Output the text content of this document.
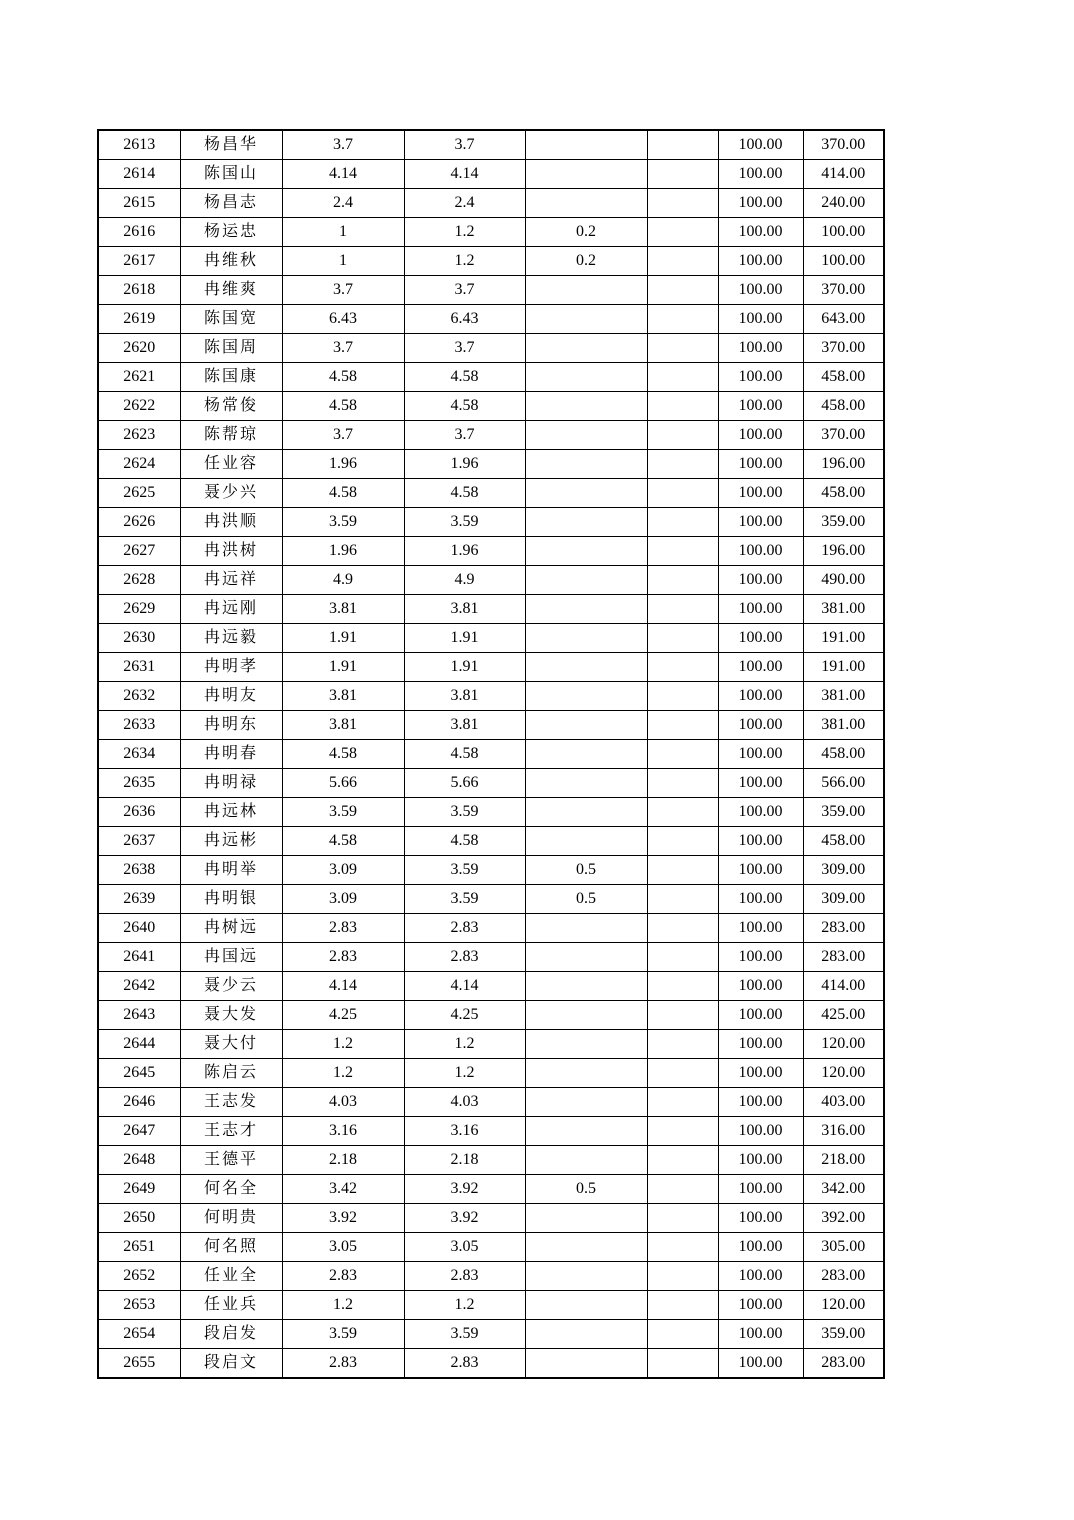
2613	杨昌华	3.7	3.7			100.00	370.00
2614	陈国山	4.14	4.14			100.00	414.00
2615	杨昌志	2.4	2.4			100.00	240.00
2616	杨运忠	1	1.2	0.2		100.00	100.00
2617	冉维秋	1	1.2	0.2		100.00	100.00
2618	冉维爽	3.7	3.7			100.00	370.00
2619	陈国宽	6.43	6.43			100.00	643.00
2620	陈国周	3.7	3.7			100.00	370.00
2621	陈国康	4.58	4.58			100.00	458.00
2622	杨常俊	4.58	4.58			100.00	458.00
2623	陈帮琼	3.7	3.7			100.00	370.00
2624	任业容	1.96	1.96			100.00	196.00
2625	聂少兴	4.58	4.58			100.00	458.00
2626	冉洪顺	3.59	3.59			100.00	359.00
2627	冉洪树	1.96	1.96			100.00	196.00
2628	冉远祥	4.9	4.9			100.00	490.00
2629	冉远刚	3.81	3.81			100.00	381.00
2630	冉远毅	1.91	1.91			100.00	191.00
2631	冉明孝	1.91	1.91			100.00	191.00
2632	冉明友	3.81	3.81			100.00	381.00
2633	冉明东	3.81	3.81			100.00	381.00
2634	冉明春	4.58	4.58			100.00	458.00
2635	冉明禄	5.66	5.66			100.00	566.00
2636	冉远林	3.59	3.59			100.00	359.00
2637	冉远彬	4.58	4.58			100.00	458.00
2638	冉明举	3.09	3.59	0.5		100.00	309.00
2639	冉明银	3.09	3.59	0.5		100.00	309.00
2640	冉树远	2.83	2.83			100.00	283.00
2641	冉国远	2.83	2.83			100.00	283.00
2642	聂少云	4.14	4.14			100.00	414.00
2643	聂大发	4.25	4.25			100.00	425.00
2644	聂大付	1.2	1.2			100.00	120.00
2645	陈启云	1.2	1.2			100.00	120.00
2646	王志发	4.03	4.03			100.00	403.00
2647	王志才	3.16	3.16			100.00	316.00
2648	王德平	2.18	2.18			100.00	218.00
2649	何名全	3.42	3.92	0.5		100.00	342.00
2650	何明贵	3.92	3.92			100.00	392.00
2651	何名照	3.05	3.05			100.00	305.00
2652	任业全	2.83	2.83			100.00	283.00
2653	任业兵	1.2	1.2			100.00	120.00
2654	段启发	3.59	3.59			100.00	359.00
2655	段启文	2.83	2.83			100.00	283.00
